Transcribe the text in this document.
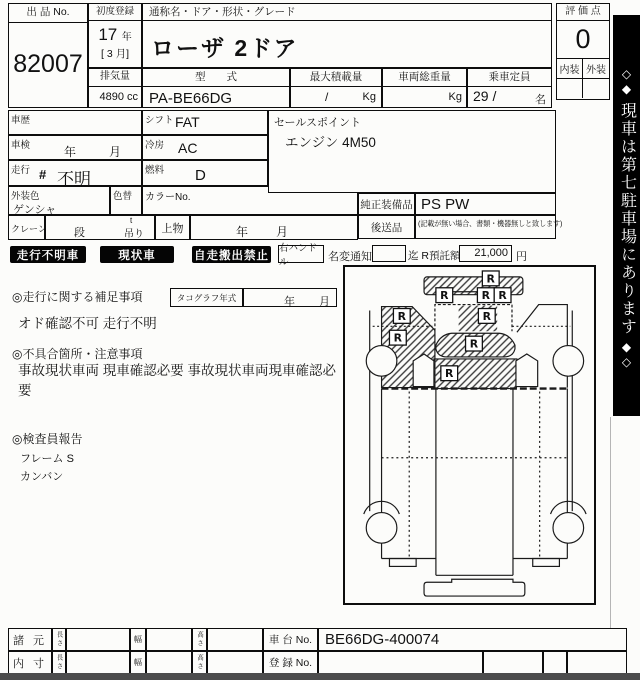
出 品 No.
82007
初度登録
17 年
[ 3 月]
通称名・ドア・形状・グレード
ローザ 2ドア
排気量
4890 cc
型　　式
PA-BE66DG
最大積載量
/	Kg
車両総重量
Kg
乗車定員
29 /	名
評 価 点
0
内装 外装 ◇◆
現車は第七駐車場にあります
◆◇
車歴	シフト FAT
車検	年	月	冷房 AC
走行 # 不明	燃料 D
外装色
ゲンシャ
色替 カラーNo.
クレーン 段
t
吊り	上物	年 月
セールスポイント
エンジン 4M50
純正装備品 PS PW
後送品	(記載が無い場合、書類・機器無しと致します)
走行不明車	現状車	自走搬出禁止
右ハンドル	名変通知	迄 R預託額	21,000 円
◎走行に関する補足事項	タコグラフ年式	年 月
オド確認不可 走行不明
◎不具合箇所・注意事項
事故現状車両 現車確認必要 事故現状車両現車確認必要
◎検査員報告
フレーム S
カンバン
R
R	R R
R
R
R	R
R
諸 元	長さ	幅	高さ	車 台 No. BE66DG-400074
内 寸	長さ	幅	高さ	登 録 No.
